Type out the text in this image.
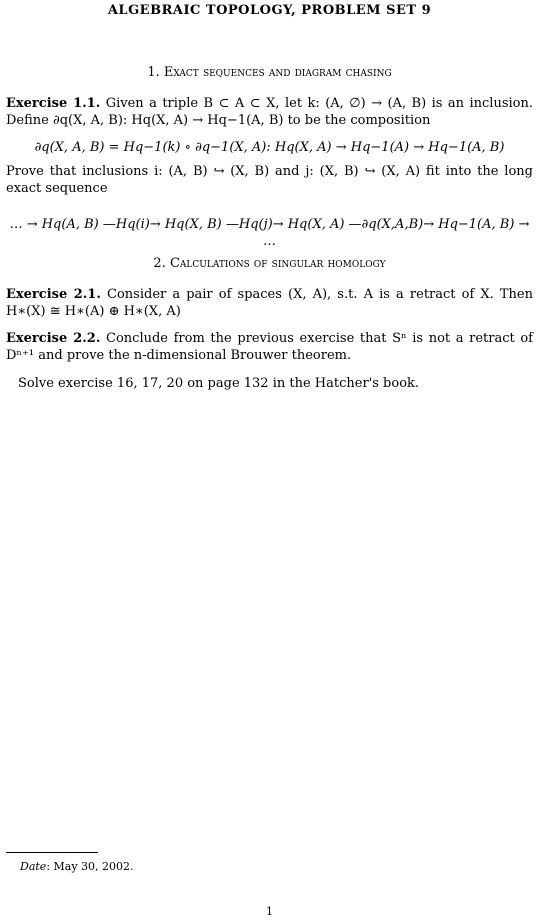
ALGEBRAIC TOPOLOGY, PROBLEM SET 9

1. Exact sequences and diagram chasing

Exercise 1.1. Given a triple B ⊂ A ⊂ X, let k: (A, ∅) → (A, B) is an inclusion. Define ∂q(X, A, B): Hq(X, A) → Hq−1(A, B) to be the composition

∂q(X, A, B) = Hq−1(k) ∘ ∂q−1(X, A): Hq(X, A) → Hq−1(A) → Hq−1(A, B)

Prove that inclusions i: (A, B) ↪ (X, B) and j: (X, B) ↪ (X, A) fit into the long exact sequence

… → Hq(A, B) —Hq(i)→ Hq(X, B) —Hq(j)→ Hq(X, A) —∂q(X,A,B)→ Hq−1(A, B) → …

2. Calculations of singular homology

Exercise 2.1. Consider a pair of spaces (X, A), s.t. A is a retract of X. Then H∗(X) ≅ H∗(A) ⊕ H∗(X, A)

Exercise 2.2. Conclude from the previous exercise that Sⁿ is not a retract of Dⁿ⁺¹ and prove the n-dimensional Brouwer theorem.

Solve exercise 16, 17, 20 on page 132 in the Hatcher's book.

Date: May 30, 2002.

1
